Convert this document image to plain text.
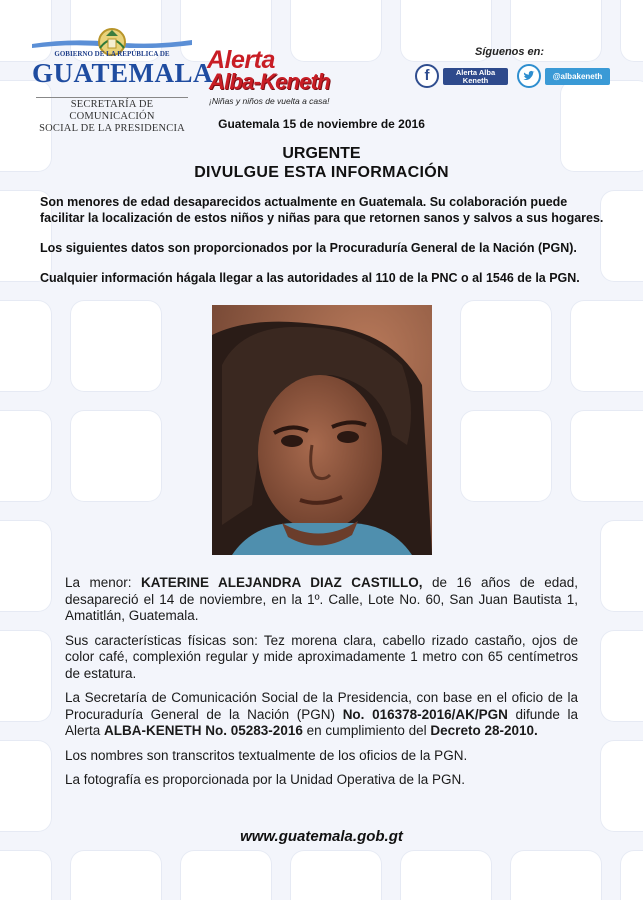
GOBIERNO DE LA REPÚBLICA DE
GUATEMALA
SECRETARÍA DE COMUNICACIÓN
SOCIAL DE LA PRESIDENCIA
Alerta
Alba-Keneth
¡Niñas y niños de vuelta a casa!
Síguenos en:
f	Alerta Alba Keneth	@albakeneth
Guatemala 15 de noviembre de 2016
URGENTE
DIVULGUE ESTA INFORMACIÓN

Son menores de edad desaparecidos actualmente en Guatemala. Su colaboración puede facilitar la localización de estos niños y niñas para que retornen sanos y salvos a sus hogares.

Los siguientes datos son proporcionados por la Procuraduría General de la Nación (PGN).

Cualquier información hágala llegar a las autoridades al 110 de la PNC o al 1546 de la PGN.

La menor: KATERINE ALEJANDRA DIAZ CASTILLO, de 16 años de edad, desapareció el 14 de noviembre, en la 1º. Calle, Lote No. 60, San Juan Bautista 1, Amatitlán, Guatemala.

Sus características físicas son: Tez morena clara, cabello rizado castaño, ojos de color café, complexión regular y mide aproximadamente 1 metro con 65 centímetros de estatura.

La Secretaría de Comunicación Social de la Presidencia, con base en el oficio de la Procuraduría General de la Nación (PGN) No. 016378-2016/AK/PGN difunde la Alerta ALBA-KENETH No. 05283-2016 en cumplimiento del Decreto 28-2010.

Los nombres son transcritos textualmente de los oficios de la PGN.

La fotografía es proporcionada por la Unidad Operativa de la PGN.

www.guatemala.gob.gt
